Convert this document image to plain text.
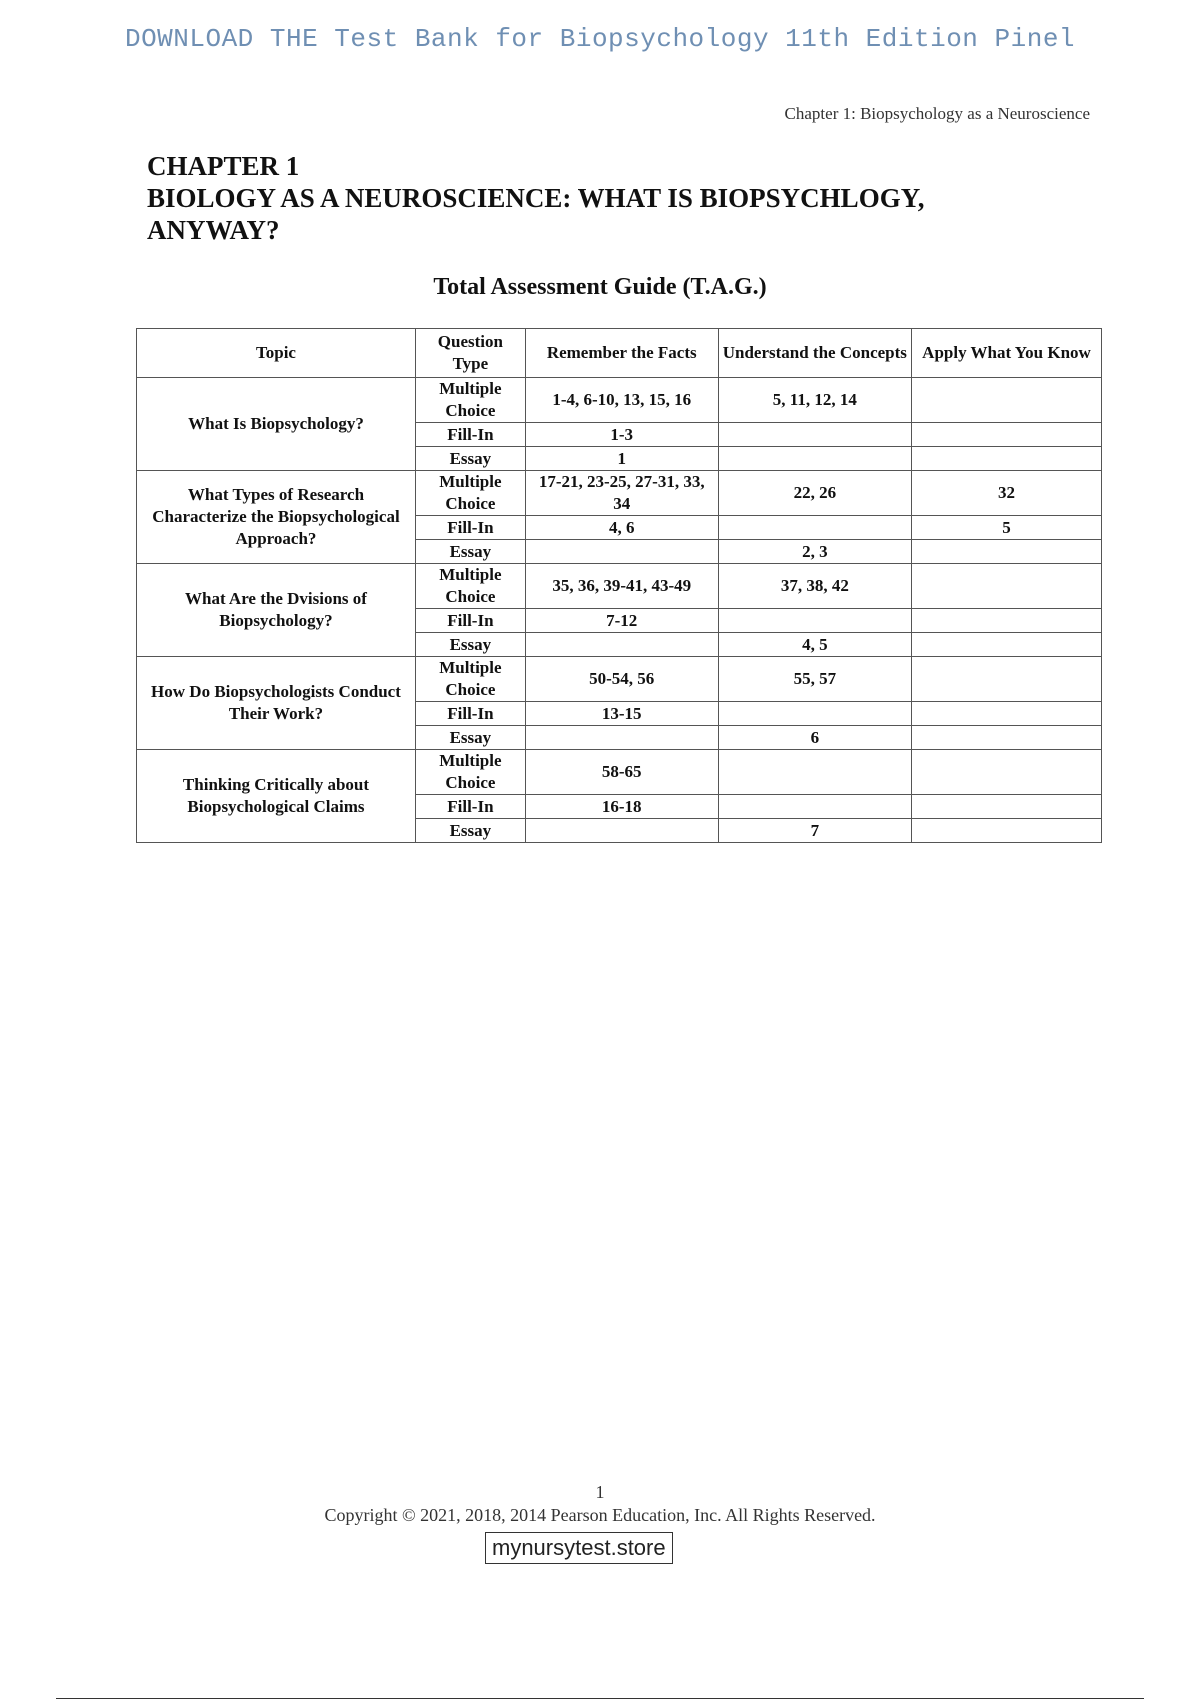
DOWNLOAD THE Test Bank for Biopsychology 11th Edition Pinel
Chapter 1: Biopsychology as a Neuroscience
CHAPTER 1
BIOLOGY AS A NEUROSCIENCE: WHAT IS BIOPSYCHLOGY,
ANYWAY?
Total Assessment Guide (T.A.G.)
Topic	Question Type	Remember the Facts	Understand the Concepts	Apply What You Know
What Is Biopsychology?	Multiple Choice	1-4, 6-10, 13, 15, 16	5, 11, 12, 14	
	Fill-In	1-3		
	Essay	1		
What Types of Research Characterize the Biopsychological Approach?	Multiple Choice	17-21, 23-25, 27-31, 33, 34	22, 26	32
	Fill-In	4, 6		5
	Essay		2, 3	
What Are the Dvisions of Biopsychology?	Multiple Choice	35, 36, 39-41, 43-49	37, 38, 42	
	Fill-In	7-12		
	Essay		4, 5	
How Do Biopsychologists Conduct Their Work?	Multiple Choice	50-54, 56	55, 57	
	Fill-In	13-15		
	Essay		6	
Thinking Critically about Biopsychological Claims	Multiple Choice	58-65		
	Fill-In	16-18		
	Essay		7	
1
Copyright © 2021, 2018, 2014 Pearson Education, Inc. All Rights Reserved.
mynursytest.store
